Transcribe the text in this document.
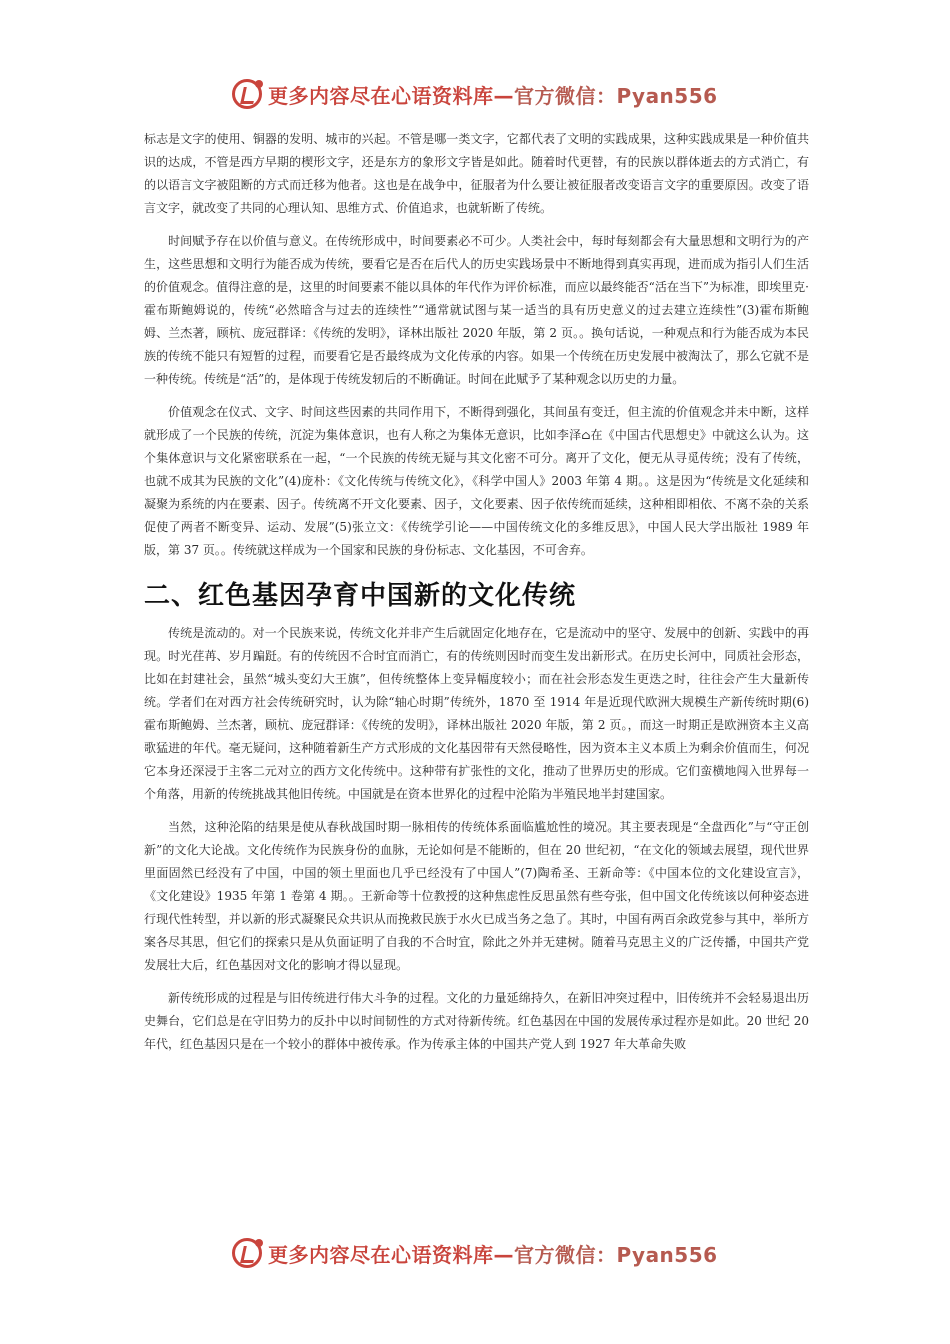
更多内容尽在心语资料库—官方微信：Pyan556

标志是文字的使用、铜器的发明、城市的兴起。不管是哪一类文字，它都代表了文明的实践成果，这种实践成果是一种价值共识的达成，不管是西方早期的楔形文字，还是东方的象形文字皆是如此。随着时代更替，有的民族以群体逝去的方式消亡，有的以语言文字被阻断的方式而迁移为他者。这也是在战争中，征服者为什么要让被征服者改变语言文字的重要原因。改变了语言文字，就改变了共同的心理认知、思维方式、价值追求，也就斩断了传统。

时间赋予存在以价值与意义。在传统形成中，时间要素必不可少。人类社会中，每时每刻都会有大量思想和文明行为的产生，这些思想和文明行为能否成为传统，要看它是否在后代人的历史实践场景中不断地得到真实再现，进而成为指引人们生活的价值观念。值得注意的是，这里的时间要素不能以具体的年代作为评价标准，而应以最终能否“活在当下”为标准，即埃里克·霍布斯鲍姆说的，传统“必然暗含与过去的连续性”“通常就试图与某一适当的具有历史意义的过去建立连续性”(3)霍布斯鲍姆、兰杰著，顾杭、庞冠群译：《传统的发明》，译林出版社 2020 年版，第 2 页。。换句话说，一种观点和行为能否成为本民族的传统不能只有短暂的过程，而要看它是否最终成为文化传承的内容。如果一个传统在历史发展中被淘汰了，那么它就不是一种传统。传统是“活”的，是体现于传统发轫后的不断确证。时间在此赋予了某种观念以历史的力量。

价值观念在仪式、文字、时间这些因素的共同作用下，不断得到强化，其间虽有变迁，但主流的价值观念并未中断，这样就形成了一个民族的传统，沉淀为集体意识，也有人称之为集体无意识，比如李泽⌂在《中国古代思想史》中就这么认为。这个集体意识与文化紧密联系在一起，“一个民族的传统无疑与其文化密不可分。离开了文化，便无从寻觅传统；没有了传统，也就不成其为民族的文化”(4)庞朴：《文化传统与传统文化》，《科学中国人》2003 年第 4 期。。这是因为“传统是文化延续和凝聚为系统的内在要素、因子。传统离不开文化要素、因子，文化要素、因子依传统而延续，这种相即相依、不离不杂的关系促使了两者不断变异、运动、发展”(5)张立文：《传统学引论——中国传统文化的多维反思》，中国人民大学出版社 1989 年版，第 37 页。。传统就这样成为一个国家和民族的身份标志、文化基因，不可舍弃。

二、红色基因孕育中国新的文化传统

传统是流动的。对一个民族来说，传统文化并非产生后就固定化地存在，它是流动中的坚守、发展中的创新、实践中的再现。时光荏苒、岁月蹁跹。有的传统因不合时宜而消亡，有的传统则因时而变生发出新形式。在历史长河中，同质社会形态，比如在封建社会，虽然“城头变幻大王旗”，但传统整体上变异幅度较小；而在社会形态发生更迭之时，往往会产生大量新传统。学者们在对西方社会传统研究时，认为除“轴心时期”传统外，1870 至 1914 年是近现代欧洲大规模生产新传统时期(6)霍布斯鲍姆、兰杰著，顾杭、庞冠群译：《传统的发明》，译林出版社 2020 年版，第 2 页。，而这一时期正是欧洲资本主义高歌猛进的年代。毫无疑问，这种随着新生产方式形成的文化基因带有天然侵略性，因为资本主义本质上为剩余价值而生，何况它本身还深浸于主客二元对立的西方文化传统中。这种带有扩张性的文化，推动了世界历史的形成。它们蛮横地闯入世界每一个角落，用新的传统挑战其他旧传统。中国就是在资本世界化的过程中沦陷为半殖民地半封建国家。

当然，这种沦陷的结果是使从春秋战国时期一脉相传的传统体系面临尴尬性的境况。其主要表现是“全盘西化”与“守正创新”的文化大论战。文化传统作为民族身份的血脉，无论如何是不能断的，但在 20 世纪初，“在文化的领域去展望，现代世界里面固然已经没有了中国，中国的领土里面也几乎已经没有了中国人”(7)陶希圣、王新命等：《中国本位的文化建设宣言》，《文化建设》1935 年第 1 卷第 4 期。。王新命等十位教授的这种焦虑性反思虽然有些夸张，但中国文化传统该以何种姿态进行现代性转型，并以新的形式凝聚民众共识从而挽救民族于水火已成当务之急了。其时，中国有两百余政党参与其中，举所方案各尽其思，但它们的探索只是从负面证明了自我的不合时宜，除此之外并无建树。随着马克思主义的广泛传播，中国共产党发展壮大后，红色基因对文化的影响才得以显现。

新传统形成的过程是与旧传统进行伟大斗争的过程。文化的力量延绵持久，在新旧冲突过程中，旧传统并不会轻易退出历史舞台，它们总是在守旧势力的反扑中以时间韧性的方式对待新传统。红色基因在中国的发展传承过程亦是如此。20 世纪 20 年代，红色基因只是在一个较小的群体中被传承。作为传承主体的中国共产党人到 1927 年大革命失败

更多内容尽在心语资料库—官方微信：Pyan556
